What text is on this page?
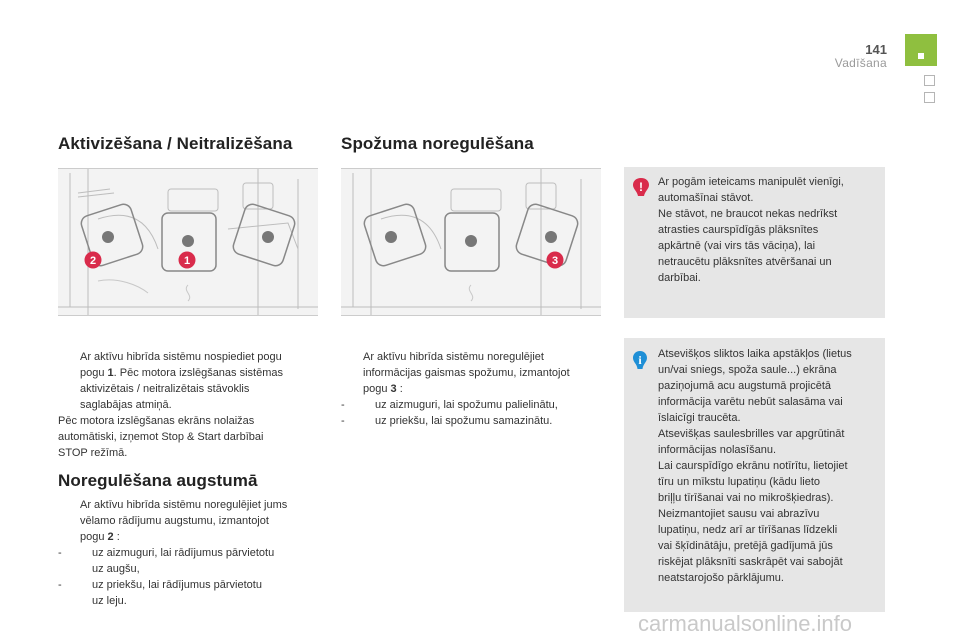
141
Vadīšana
Aktivizēšana / Neitralizēšana	Spožuma noregulēšana
2	1	3
Ar aktīvu hibrīda sistēmu nospiediet pogu
pogu 1. Pēc motora izslēgšanas sistēmas
aktivizētais / neitralizētais stāvoklis
saglabājas atmiņā.
Pēc motora izslēgšanas ekrāns nolaižas
automātiski, izņemot Stop & Start darbībai
STOP režīmā.
Noregulēšana augstumā
Ar aktīvu hibrīda sistēmu noregulējiet jums
vēlamo rādījumu augstumu, izmantojot
pogu 2 :
-	uz aizmuguri, lai rādījumus pārvietotu
uz augšu,
-	uz priekšu, lai rādījumus pārvietotu
uz leju.
Ar aktīvu hibrīda sistēmu noregulējiet
informācijas gaismas spožumu, izmantojot
pogu 3 :
-	uz aizmuguri, lai spožumu palielinātu,
-	uz priekšu, lai spožumu samazinātu.
! Ar pogām ieteicams manipulēt vienīgi,
automašīnai stāvot.
Ne stāvot, ne braucot nekas nedrīkst
atrasties caurspīdīgās plāksnītes
apkārtnē (vai virs tās vāciņa), lai
netraucētu plāksnītes atvēršanai un
darbībai.
i Atsevišķos sliktos laika apstākļos (lietus
un/vai sniegs, spoža saule...) ekrāna
paziņojumā acu augstumā projicētā
informācija varētu nebūt salasāma vai
īslaicīgi traucēta.
Atsevišķas saulesbrilles var apgrūtināt
informācijas nolasīšanu.
Lai caurspīdīgo ekrānu notīrītu, lietojiet
tīru un mīkstu lupatiņu (kādu lieto
briļļu tīrīšanai vai no mikrošķiedras).
Neizmantojiet sausu vai abrazīvu
lupatiņu, nedz arī ar tīrīšanas līdzekli
vai šķīdinātāju, pretējā gadījumā jūs
riskējat plāksnīti saskrāpēt vai sabojāt
neatstarojošo pārklājumu.
carmanualsonline.info
